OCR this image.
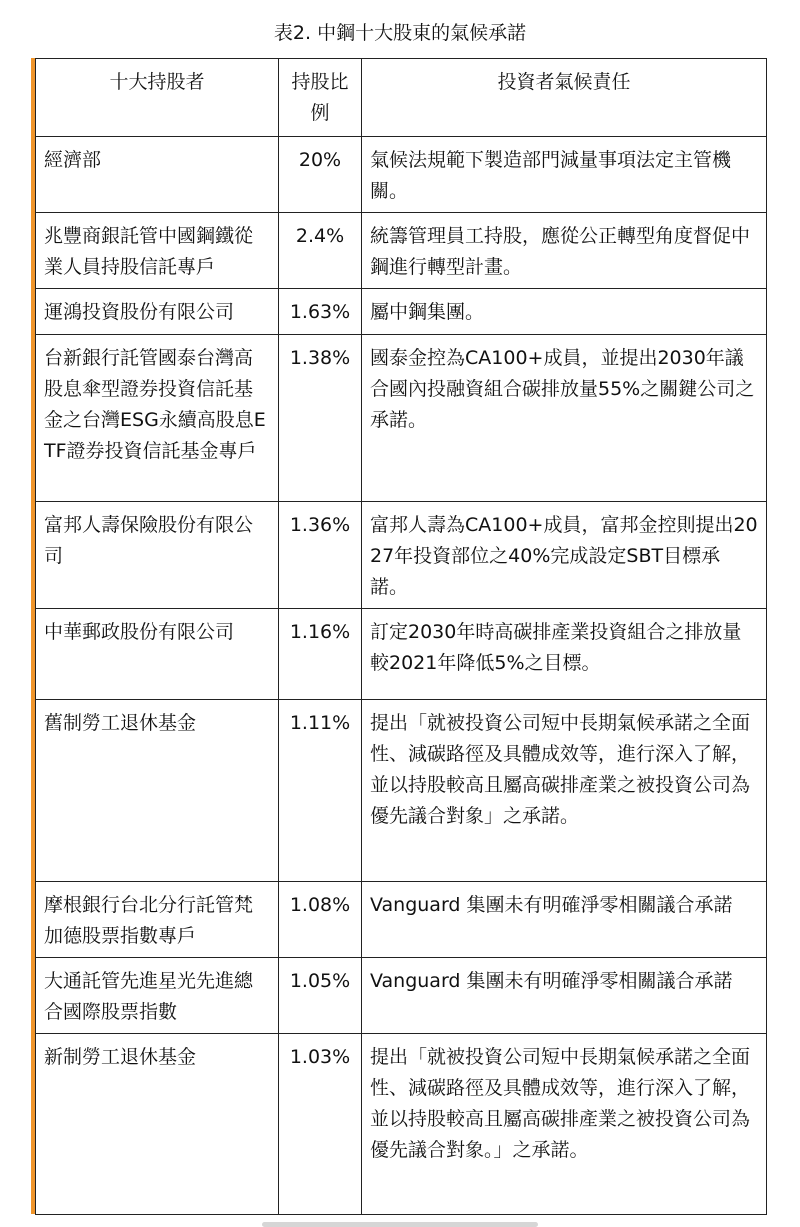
表2. 中鋼十大股東的氣候承諾
十大持股者	持股比例	投資者氣候責任

經濟部	20%	氣候法規範下製造部門減量事項法定主管機關。

兆豐商銀託管中國鋼鐵從業人員持股信託專戶	2.4%	統籌管理員工持股，應從公正轉型角度督促中鋼進行轉型計畫。

運鴻投資股份有限公司	1.63%	屬中鋼集團。

台新銀行託管國泰台灣高股息傘型證券投資信託基金之台灣ESG永續高股息ETF證券投資信託基金專戶	1.38%	國泰金控為CA100+成員，並提出2030年議合國內投融資組合碳排放量55%之關鍵公司之承諾。

富邦人壽保險股份有限公司	1.36%	富邦人壽為CA100+成員，富邦金控則提出2027年投資部位之40%完成設定SBT目標承諾。

中華郵政股份有限公司	1.16%	訂定2030年時高碳排產業投資組合之排放量較2021年降低5%之目標。

舊制勞工退休基金	1.11%	提出「就被投資公司短中長期氣候承諾之全面性、減碳路徑及具體成效等，進行深入了解，並以持股較高且屬高碳排產業之被投資公司為優先議合對象」之承諾。

摩根銀行台北分行託管梵加德股票指數專戶	1.08%	Vanguard 集團未有明確淨零相關議合承諾

大通託管先進星光先進總合國際股票指數	1.05%	Vanguard 集團未有明確淨零相關議合承諾

新制勞工退休基金	1.03%	提出「就被投資公司短中長期氣候承諾之全面性、減碳路徑及具體成效等，進行深入了解，並以持股較高且屬高碳排產業之被投資公司為優先議合對象。」之承諾。
